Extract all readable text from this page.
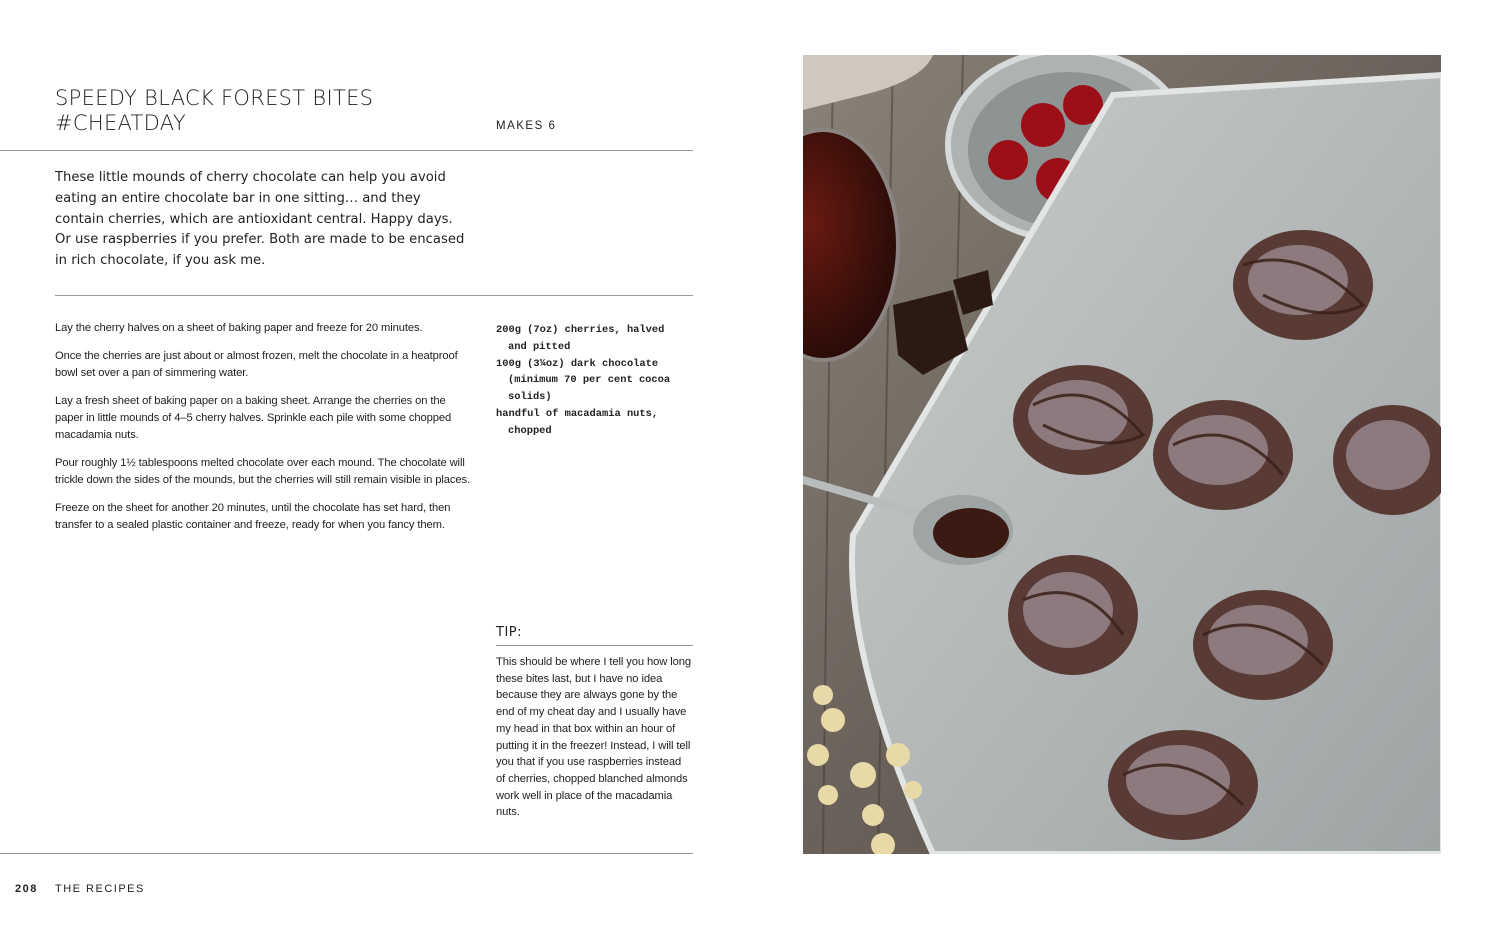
SPEEDY BLACK FOREST BITES
#CHEATDAY	MAKES 6
These little mounds of cherry chocolate can help you avoid eating an entire chocolate bar in one sitting… and they contain cherries, which are antioxidant central. Happy days. Or use raspberries if you prefer. Both are made to be encased in rich chocolate, if you ask me.

Lay the cherry halves on a sheet of baking paper and freeze for 20 minutes.

Once the cherries are just about or almost frozen, melt the chocolate in a heatproof bowl set over a pan of simmering water.

Lay a fresh sheet of baking paper on a baking sheet. Arrange the cherries on the paper in little mounds of 4–5 cherry halves. Sprinkle each pile with some chopped macadamia nuts.

Pour roughly 1½ tablespoons melted chocolate over each mound. The chocolate will trickle down the sides of the mounds, but the cherries will still remain visible in places.

Freeze on the sheet for another 20 minutes, until the chocolate has set hard, then transfer to a sealed plastic container and freeze, ready for when you fancy them.

200g (7oz) cherries, halved and pitted
100g (3¼oz) dark chocolate (minimum 70 per cent cocoa solids)
handful of macadamia nuts, chopped
TIP:
This should be where I tell you how long these bites last, but I have no idea because they are always gone by the end of my cheat day and I usually have my head in that box within an hour of putting it in the freezer! Instead, I will tell you that if you use raspberries instead of cherries, chopped blanched almonds work well in place of the macadamia nuts.
208 THE RECIPES
